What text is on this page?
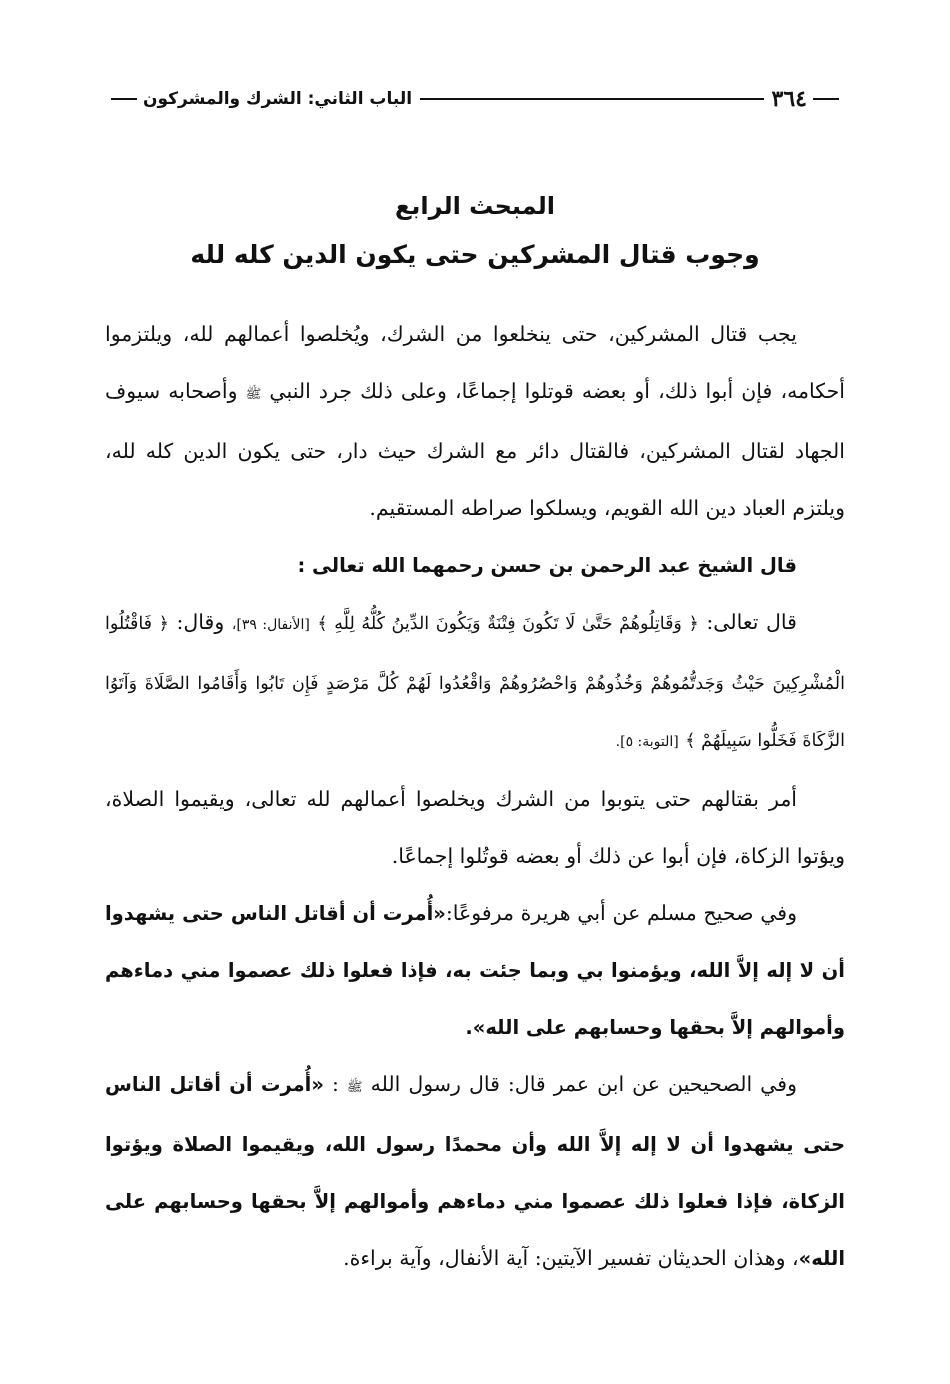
٣٦٤
الباب الثاني: الشرك والمشركون
المبحث الرابع
وجوب قتال المشركين حتى يكون الدين كله لله

يجب قتال المشركين، حتى ينخلعوا من الشرك، ويُخلصوا أعمالهم لله، ويلتزموا أحكامه، فإن أبوا ذلك، أو بعضه قوتلوا إجماعًا، وعلى ذلك جرد النبي ﷺ وأصحابه سيوف الجهاد لقتال المشركين، فالقتال دائر مع الشرك حيث دار، حتى يكون الدين كله لله، ويلتزم العباد دين الله القويم، ويسلكوا صراطه المستقيم.

قال الشيخ عبد الرحمن بن حسن رحمهما الله تعالى :

قال تعالى: ﴿ وَقَاتِلُوهُمْ حَتَّىٰ لَا تَكُونَ فِتْنَةٌ وَيَكُونَ الدِّينُ كُلُّهُ لِلَّهِ ﴾ [الأنفال: ٣٩]، وقال: ﴿ فَاقْتُلُوا الْمُشْرِكِينَ حَيْثُ وَجَدتُّمُوهُمْ وَخُذُوهُمْ وَاحْصُرُوهُمْ وَاقْعُدُوا لَهُمْ كُلَّ مَرْصَدٍ فَإِن تَابُوا وَأَقَامُوا الصَّلَاةَ وَآتَوُا الزَّكَاةَ فَخَلُّوا سَبِيلَهُمْ ﴾ [التوبة: ٥].

أمر بقتالهم حتى يتوبوا من الشرك ويخلصوا أعمالهم لله تعالى، ويقيموا الصلاة، ويؤتوا الزكاة، فإن أبوا عن ذلك أو بعضه قوتُلوا إجماعًا.

وفي صحيح مسلم عن أبي هريرة مرفوعًا:«أُمرت أن أقاتل الناس حتى يشهدوا أن لا إله إلاَّ الله، ويؤمنوا بي وبما جئت به، فإذا فعلوا ذلك عصموا مني دماءهم وأموالهم إلاَّ بحقها وحسابهم على الله».

وفي الصحيحين عن ابن عمر قال: قال رسول الله ﷺ : «أُمرت أن أقاتل الناس حتى يشهدوا أن لا إله إلاَّ الله وأن محمدًا رسول الله، ويقيموا الصلاة ويؤتوا الزكاة، فإذا فعلوا ذلك عصموا مني دماءهم وأموالهم إلاَّ بحقها وحسابهم على الله»، وهذان الحديثان تفسير الآيتين: آية الأنفال، وآية براءة.
